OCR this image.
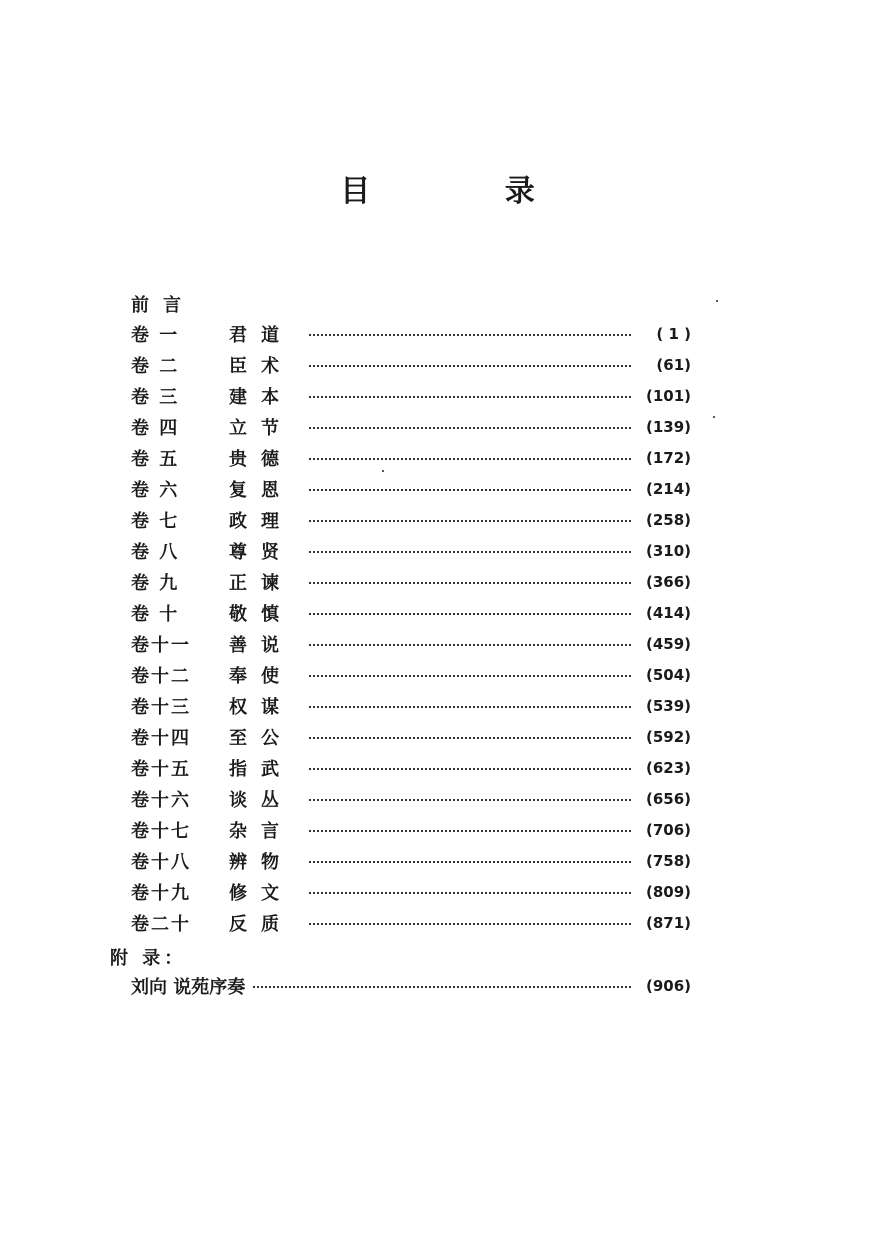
目 录
前言
卷 一	君道	( 1 )
卷 二	臣术	(61)
卷 三	建本	(101)
卷 四	立节	(139)
卷 五	贵德	(172)
卷 六	复恩	(214)
卷 七	政理	(258)
卷 八	尊贤	(310)
卷 九	正谏	(366)
卷 十	敬慎	(414)
卷十一	善说	(459)
卷十二	奉使	(504)
卷十三	权谋	(539)
卷十四	至公	(592)
卷十五	指武	(623)
卷十六	谈丛	(656)
卷十七	杂言	(706)
卷十八	辨物	(758)
卷十九	修文	(809)
卷二十	反质	(871)
附 录：
刘向 说苑序奏	(906)
